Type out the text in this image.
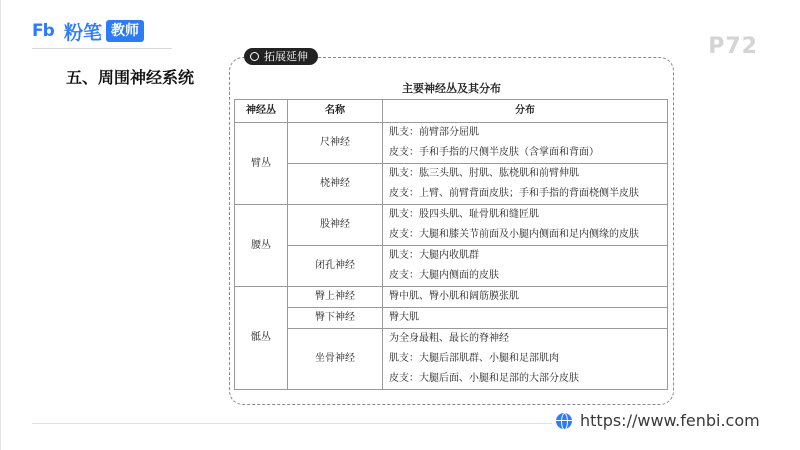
Fb 粉笔 教师
P72
五、周围神经系统
拓展延伸
主要神经丛及其分布
神经丛	名称	分布
臂丛	尺神经	肌支：前臂部分屈肌
皮支：手和手指的尺侧半皮肤（含掌面和背面）

	桡神经	肌支：肱三头肌、肘肌、肱桡肌和前臂伸肌
皮支：上臂、前臂背面皮肤；手和手指的背面桡侧半皮肤

腰丛	股神经	肌支：股四头肌、耻骨肌和缝匠肌
皮支：大腿和膝关节前面及小腿内侧面和足内侧缘的皮肤

	闭孔神经	肌支：大腿内收肌群
皮支：大腿内侧面的皮肤

骶丛	臀上神经	臀中肌、臀小肌和阔筋膜张肌

	臀下神经	臀大肌

	坐骨神经	为全身最粗、最长的脊神经
肌支：大腿后部肌群、小腿和足部肌肉
皮支：大腿后面、小腿和足部的大部分皮肤
https://www.fenbi.com
